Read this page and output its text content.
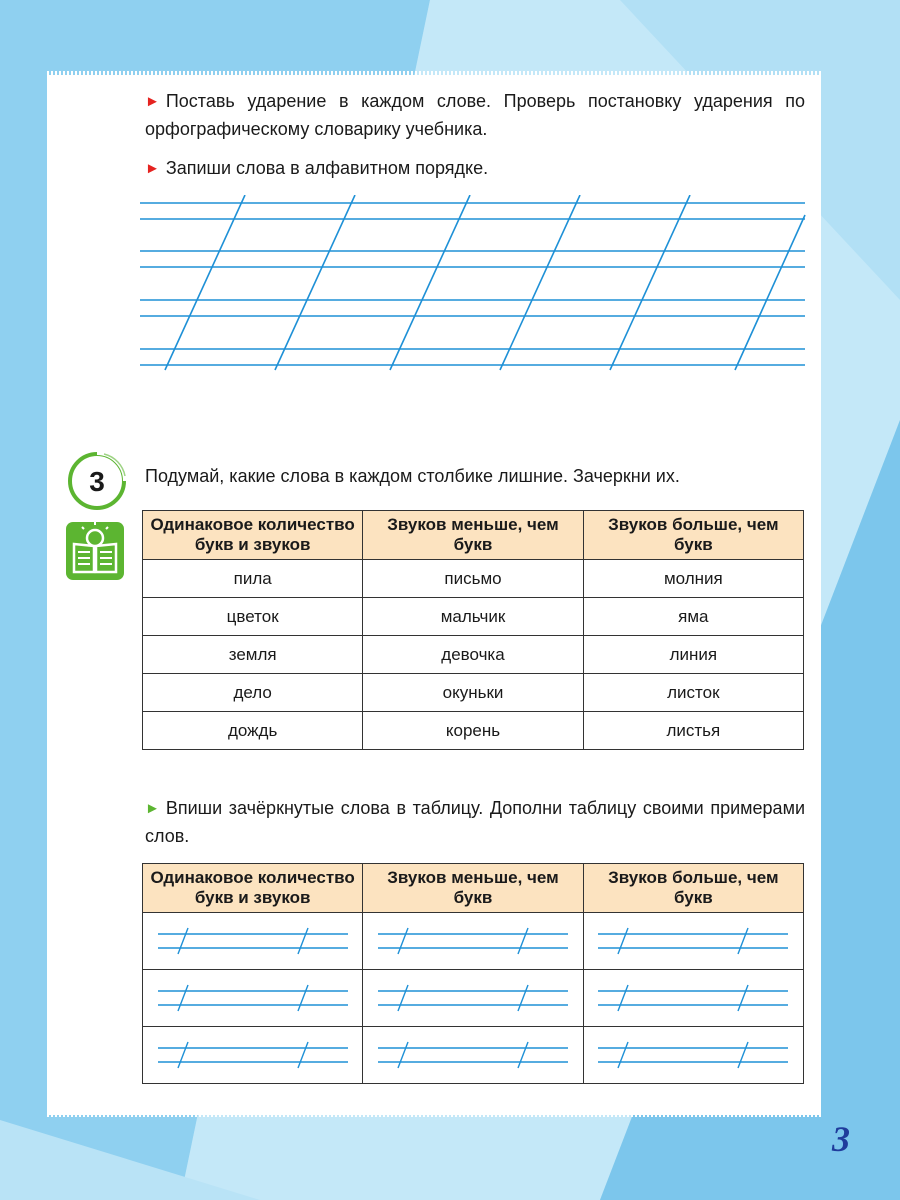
► Поставь ударение в каждом слове. Проверь постановку ударения по орфографическому словарику учебника.
► Запиши слова в алфавитном порядке.
3 Подумай, какие слова в каждом столбике лишние. Зачеркни их.
Одинаковое количество букв и звуков	Звуков меньше, чем букв	Звуков больше, чем букв
пила	письмо	молния
цветок	мальчик	яма
земля	девочка	линия
дело	окуньки	листок
дождь	корень	листья
► Впиши зачёркнутые слова в таблицу. Дополни таблицу своими примерами слов.
Одинаковое количество букв и звуков	Звуков меньше, чем букв	Звуков больше, чем букв

3
